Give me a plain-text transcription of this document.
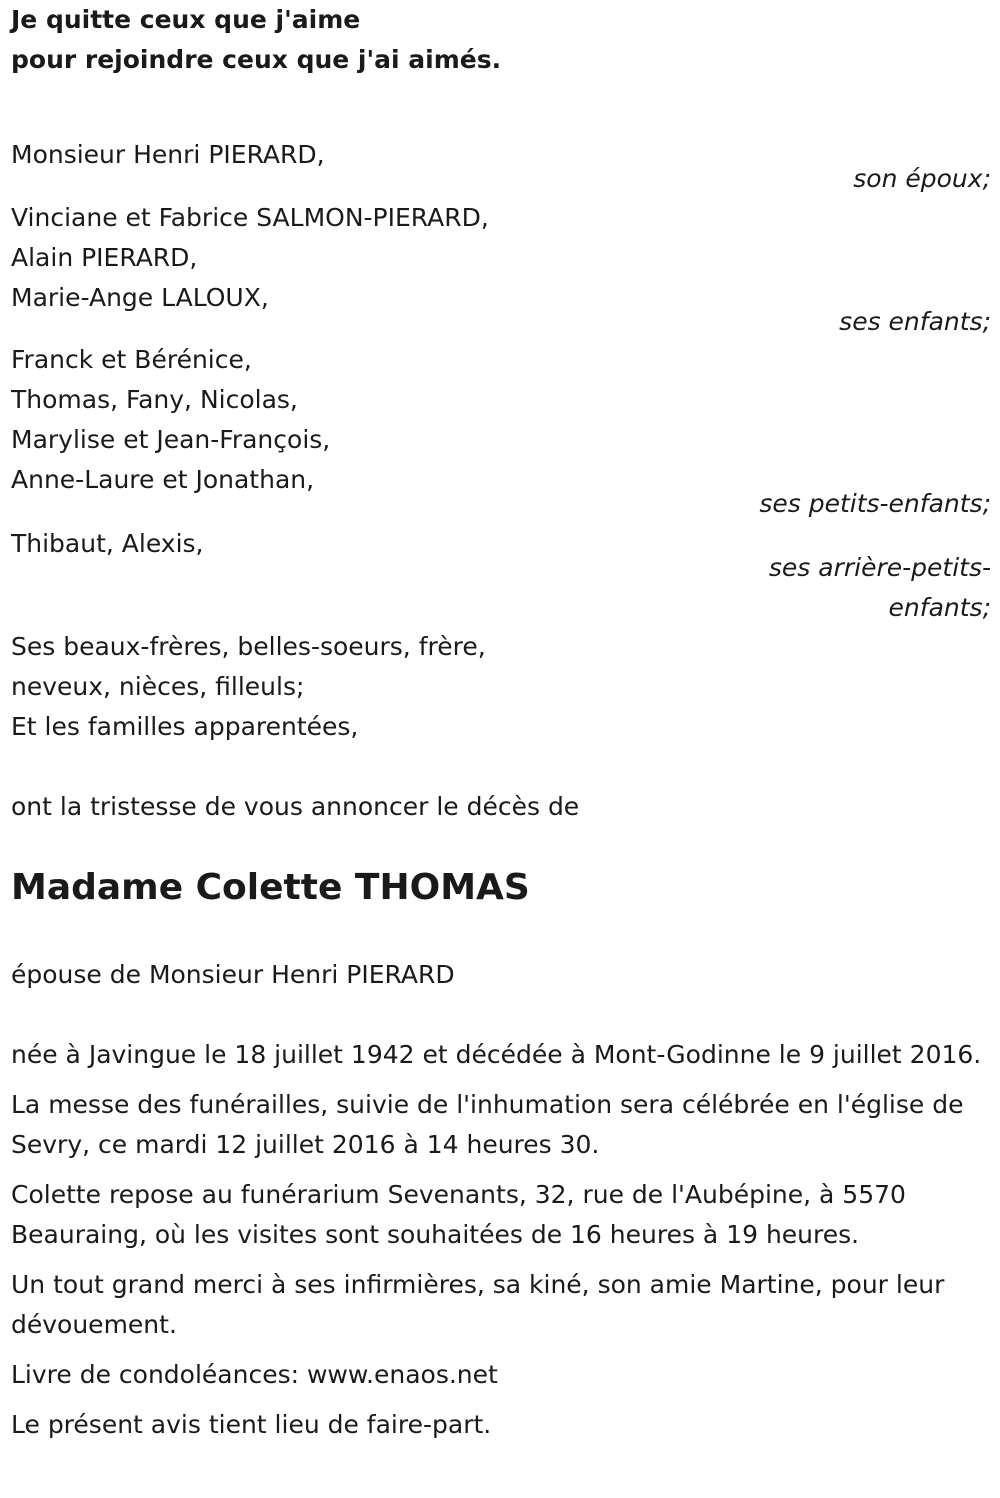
Je quitte ceux que j'aime
pour rejoindre ceux que j'ai aimés.
Monsieur Henri PIERARD,
son époux;
Vinciane et Fabrice SALMON-PIERARD,
Alain PIERARD,
Marie-Ange LALOUX,
ses enfants;
Franck et Bérénice,
Thomas, Fany, Nicolas,
Marylise et Jean-François,
Anne-Laure et Jonathan,
ses petits-enfants;
Thibaut, Alexis,
ses arrière-petits-
enfants;
Ses beaux-frères, belles-soeurs, frère,
neveux, nièces, filleuls;
Et les familles apparentées,
ont la tristesse de vous annoncer le décès de
Madame Colette THOMAS
épouse de Monsieur Henri PIERARD
née à Javingue le 18 juillet 1942 et décédée à Mont-Godinne le 9 juillet 2016.
La messe des funérailles, suivie de l'inhumation sera célébrée en l'église de Sevry, ce mardi 12 juillet 2016 à 14 heures 30.
Colette repose au funérarium Sevenants, 32, rue de l'Aubépine, à 5570 Beauraing, où les visites sont souhaitées de 16 heures à 19 heures.
Un tout grand merci à ses infirmières, sa kiné, son amie Martine, pour leur dévouement.
Livre de condoléances: www.enaos.net
Le présent avis tient lieu de faire-part.
